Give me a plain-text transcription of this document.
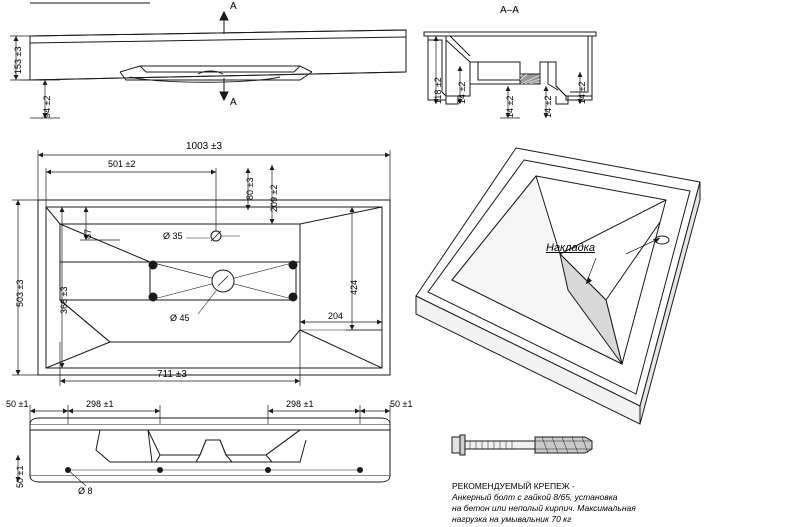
A
A
A–A
153 ±3
94 ±2
118 ±2 14 ±2
14 ±2	14 ±2
14 ±2
1003 ±3
501 ±2
80 ±3 209 ±2
87
503 ±3	366 ±3	424
204
711 ±3
Ø 35
Ø 45
50 ±1	298 ±1	298 ±1	50 ±1
50 ±1
Ø 8
Накладка
РЕКОМЕНДУЕМЫЙ КРЕПЕЖ -
Анкерный болт с гайкой 8/65, установка
на бетон или неполый кирпич. Максимальная
нагрузка на умывальник 70 кг
